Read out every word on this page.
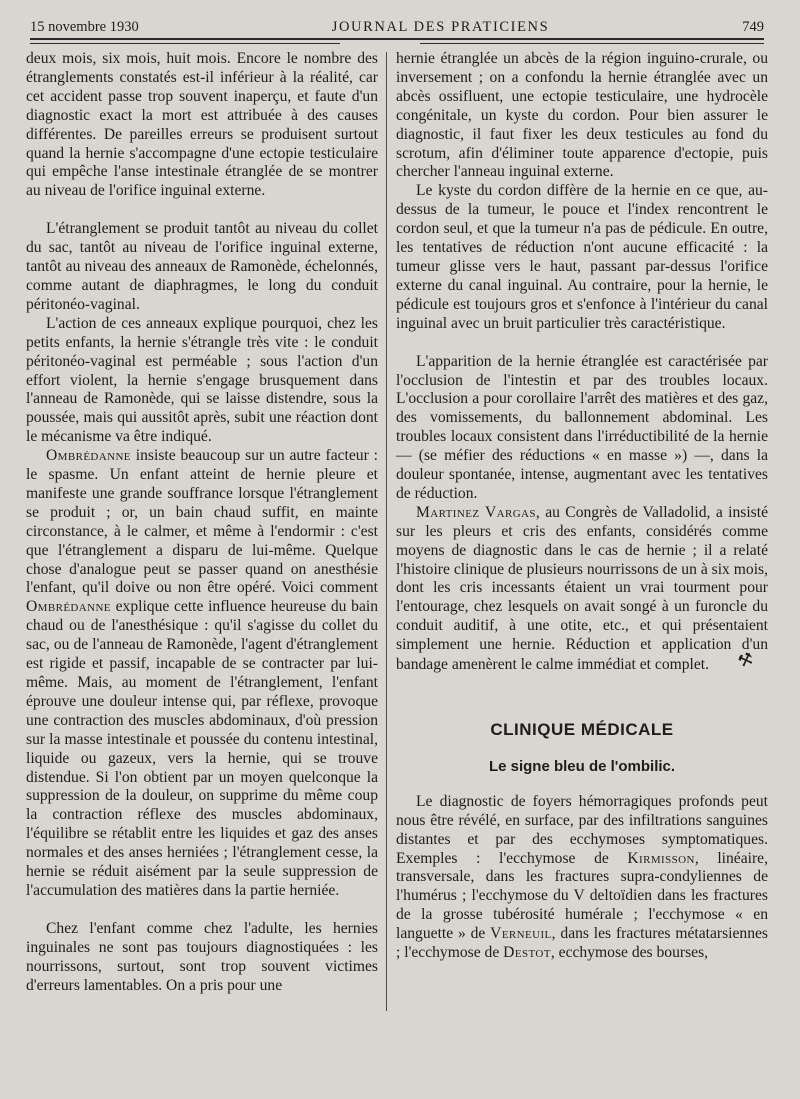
15 novembre 1930	JOURNAL DES PRATICIENS	749

deux mois, six mois, huit mois. Encore le nombre des étranglements constatés est-il inférieur à la réalité, car cet accident passe trop souvent inaperçu, et faute d'un diagnostic exact la mort est attribuée à des causes différentes. De pareilles erreurs se produisent surtout quand la hernie s'accompagne d'une ectopie testiculaire qui empêche l'anse intestinale étranglée de se montrer au niveau de l'orifice inguinal externe.

L'étranglement se produit tantôt au niveau du collet du sac, tantôt au niveau de l'orifice inguinal externe, tantôt au niveau des anneaux de Ramonède, échelonnés, comme autant de diaphragmes, le long du conduit péritonéo-vaginal.

L'action de ces anneaux explique pourquoi, chez les petits enfants, la hernie s'étrangle très vite : le conduit péritonéo-vaginal est perméable ; sous l'action d'un effort violent, la hernie s'engage brusquement dans l'anneau de Ramonède, qui se laisse distendre, sous la poussée, mais qui aussitôt après, subit une réaction dont le mécanisme va être indiqué.

Ombrédanne insiste beaucoup sur un autre facteur : le spasme. Un enfant atteint de hernie pleure et manifeste une grande souffrance lorsque l'étranglement se produit ; or, un bain chaud suffit, en mainte circonstance, à le calmer, et même à l'endormir : c'est que l'étranglement a disparu de lui-même. Quelque chose d'analogue peut se passer quand on anesthésie l'enfant, qu'il doive ou non être opéré. Voici comment Ombrédanne explique cette influence heureuse du bain chaud ou de l'anesthésique : qu'il s'agisse du collet du sac, ou de l'anneau de Ramonède, l'agent d'étranglement est rigide et passif, incapable de se contracter par lui-même. Mais, au moment de l'étranglement, l'enfant éprouve une douleur intense qui, par réflexe, provoque une contraction des muscles abdominaux, d'où pression sur la masse intestinale et poussée du contenu intestinal, liquide ou gazeux, vers la hernie, qui se trouve distendue. Si l'on obtient par un moyen quelconque la suppression de la douleur, on supprime du même coup la contraction réflexe des muscles abdominaux, l'équilibre se rétablit entre les liquides et gaz des anses normales et des anses herniées ; l'étranglement cesse, la hernie se réduit aisément par la seule suppression de l'accumulation des matières dans la partie herniée.

Chez l'enfant comme chez l'adulte, les hernies inguinales ne sont pas toujours diagnostiquées : les nourrissons, surtout, sont trop souvent victimes d'erreurs lamentables. On a pris pour une

hernie étranglée un abcès de la région inguino-crurale, ou inversement ; on a confondu la hernie étranglée avec un abcès ossifluent, une ectopie testiculaire, une hydrocèle congénitale, un kyste du cordon. Pour bien assurer le diagnostic, il faut fixer les deux testicules au fond du scrotum, afin d'éliminer toute apparence d'ectopie, puis chercher l'anneau inguinal externe.

Le kyste du cordon diffère de la hernie en ce que, au-dessus de la tumeur, le pouce et l'index rencontrent le cordon seul, et que la tumeur n'a pas de pédicule. En outre, les tentatives de réduction n'ont aucune efficacité : la tumeur glisse vers le haut, passant par-dessus l'orifice externe du canal inguinal. Au contraire, pour la hernie, le pédicule est toujours gros et s'enfonce à l'intérieur du canal inguinal avec un bruit particulier très caractéristique.

L'apparition de la hernie étranglée est caractérisée par l'occlusion de l'intestin et par des troubles locaux. L'occlusion a pour corollaire l'arrêt des matières et des gaz, des vomissements, du ballonnement abdominal. Les troubles locaux consistent dans l'irréductibilité de la hernie — (se méfier des réductions « en masse ») —, dans la douleur spontanée, intense, augmentant avec les tentatives de réduction.

Martinez Vargas, au Congrès de Valladolid, a insisté sur les pleurs et cris des enfants, considérés comme moyens de diagnostic dans le cas de hernie ; il a relaté l'histoire clinique de plusieurs nourrissons de un à six mois, dont les cris incessants étaient un vrai tourment pour l'entourage, chez lesquels on avait songé à un furoncle du conduit auditif, à une otite, etc., et qui présentaient simplement une hernie. Réduction et application d'un bandage amenèrent le calme immédiat et complet. ⚒

CLINIQUE MÉDICALE
Le signe bleu de l'ombilic.

Le diagnostic de foyers hémorragiques profonds peut nous être révélé, en surface, par des infiltrations sanguines distantes et par des ecchymoses symptomatiques. Exemples : l'ecchymose de Kirmisson, linéaire, transversale, dans les fractures supra-condyliennes de l'humérus ; l'ecchymose du V deltoïdien dans les fractures de la grosse tubérosité humérale ; l'ecchymose « en languette » de Verneuil, dans les fractures métatarsiennes ; l'ecchymose de Destot, ecchymose des bourses,
